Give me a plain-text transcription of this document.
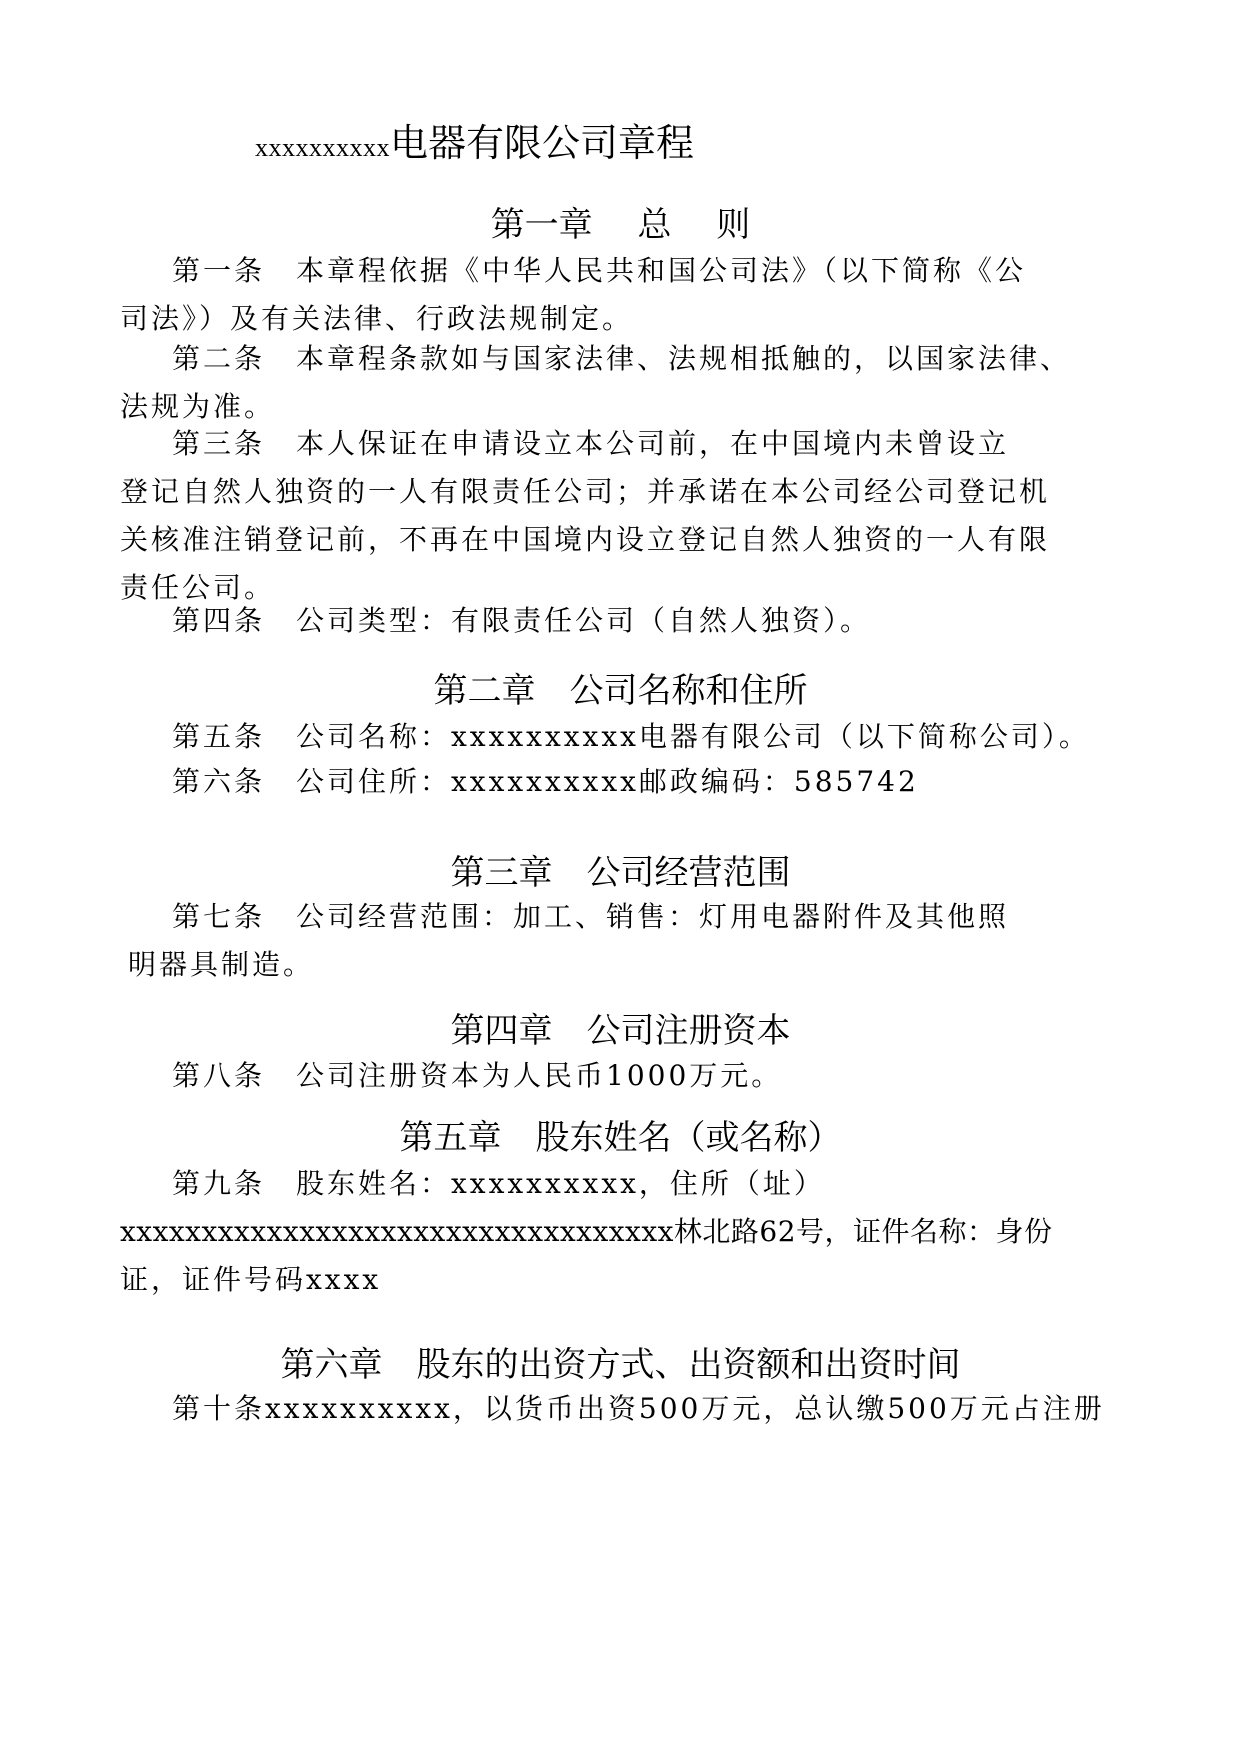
xxxxxxxxxx电器有限公司章程
第一章　 总　 则
第一条　本章程依据《中华人民共和国公司法》（以下简称《公
司法》）及有关法律、行政法规制定。
第二条　本章程条款如与国家法律、法规相抵触的，以国家法律、
法规为准。
第三条　本人保证在申请设立本公司前，在中国境内未曾设立
登记自然人独资的一人有限责任公司；并承诺在本公司经公司登记机
关核准注销登记前，不再在中国境内设立登记自然人独资的一人有限
责任公司。
第四条　公司类型：有限责任公司（自然人独资）。
第二章　公司名称和住所
第五条　公司名称：xxxxxxxxxx电器有限公司（以下简称公司）。
第六条　公司住所：xxxxxxxxxx邮政编码：585742
第三章　公司经营范围
第七条　公司经营范围：加工、销售：灯用电器附件及其他照
明器具制造。
第四章　公司注册资本
第八条　公司注册资本为人民币1000万元。
第五章　股东姓名（或名称）
第九条　股东姓名：xxxxxxxxxx，住所（址）
xxxxxxxxxxxxxxxxxxxxxxxxxxxxxxxxxx林北路62号，证件名称：身份
证，证件号码xxxx
第六章　股东的出资方式、出资额和出资时间
第十条xxxxxxxxxx，以货币出资500万元，总认缴500万元占注册
